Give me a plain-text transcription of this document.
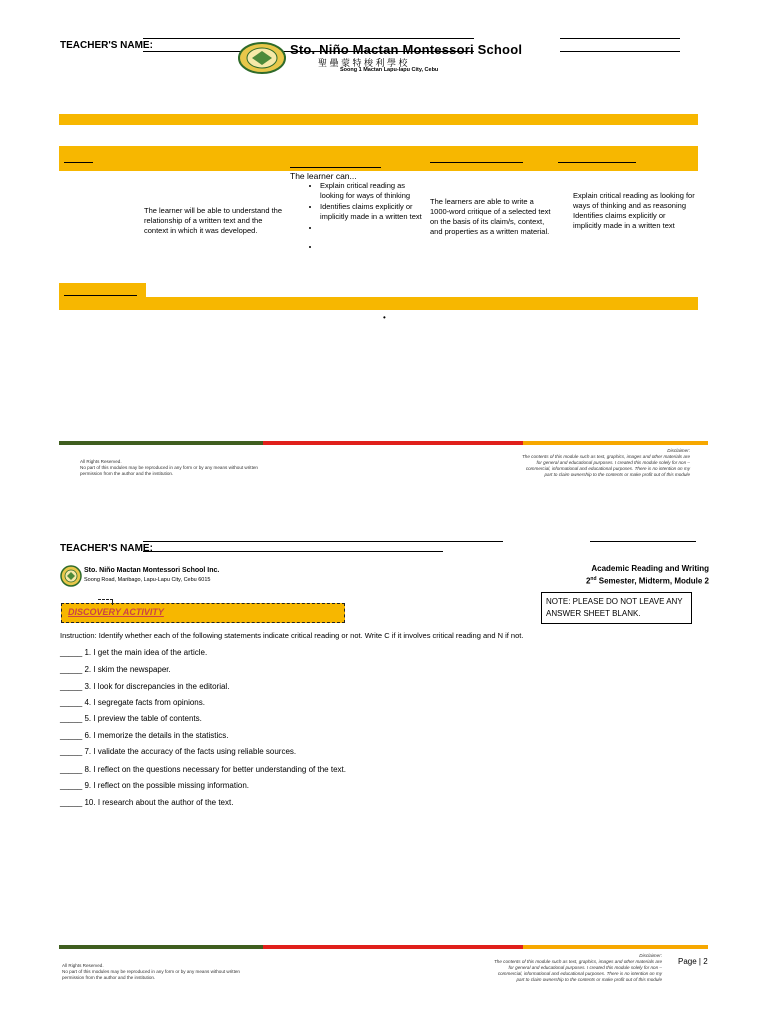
TEACHER'S NAME:	Sto. Niño Mactan Montessori School
聖 壘 蒙 特 梭 利 學 校
Soong 1 Mactan Lapu-lapu City, Cebu
The learner will be able to understand the relationship of a written text and the context in which it was developed.
The learner can...
• Explain critical reading as looking for ways of thinking
• Identifies claims explicitly or implicitly made in a written text
•
•
The learners are able to write a 1000-word critique of a selected text on the basis of its claim/s, context, and properties as a written material.
Explain critical reading as looking for ways of thinking and as reasoning
Identifies claims explicitly or implicitly made in a written text
•
All Rights Reserved.
No part of this modules may be reproduced in any form or by any means without written permission from the author and the institution.
Disclaimer:
The contents of this module such as text, graphics, images and other materials are for general and educational purposes. I created this module solely for non – commercial, informational and educational purposes. There is no intention on my part to claim ownership to the contents or make profit out of this module
TEACHER'S NAME:
Sto. Niño Mactan Montessori School Inc.
Soong Road, Maribago, Lapu-Lapu City, Cebu 6015
Academic Reading and Writing
2nd Semester, Midterm, Module 2
DISCOVERY ACTIVITY
NOTE: PLEASE DO NOT LEAVE ANY ANSWER SHEET BLANK.
Instruction: Identify whether each of the following statements indicate critical reading or not. Write C if it involves critical reading and N if not.
_____ 1. I get the main idea of the article.
_____ 2. I skim the newspaper.
_____ 3. I look for discrepancies in the editorial.
_____ 4. I segregate facts from opinions.
_____ 5. I preview the table of contents.
_____ 6. I memorize the details in the statistics.
_____ 7. I validate the accuracy of the facts using reliable sources.
_____ 8. I reflect on the questions necessary for better understanding of the text.
_____ 9. I reflect on the possible missing information.
_____ 10. I research about the author of the text.
All Rights Reserved.
No part of this modules may be reproduced in any form or by any means without written permission from the author and the institution.
Disclaimer:
The contents of this module such as text, graphics, images and other materials are for general and educational purposes. I created this module solely for non – commercial, informational and educational purposes. There is no intention on my part to claim ownership to the contents or make profit out of this module
Page | 2
